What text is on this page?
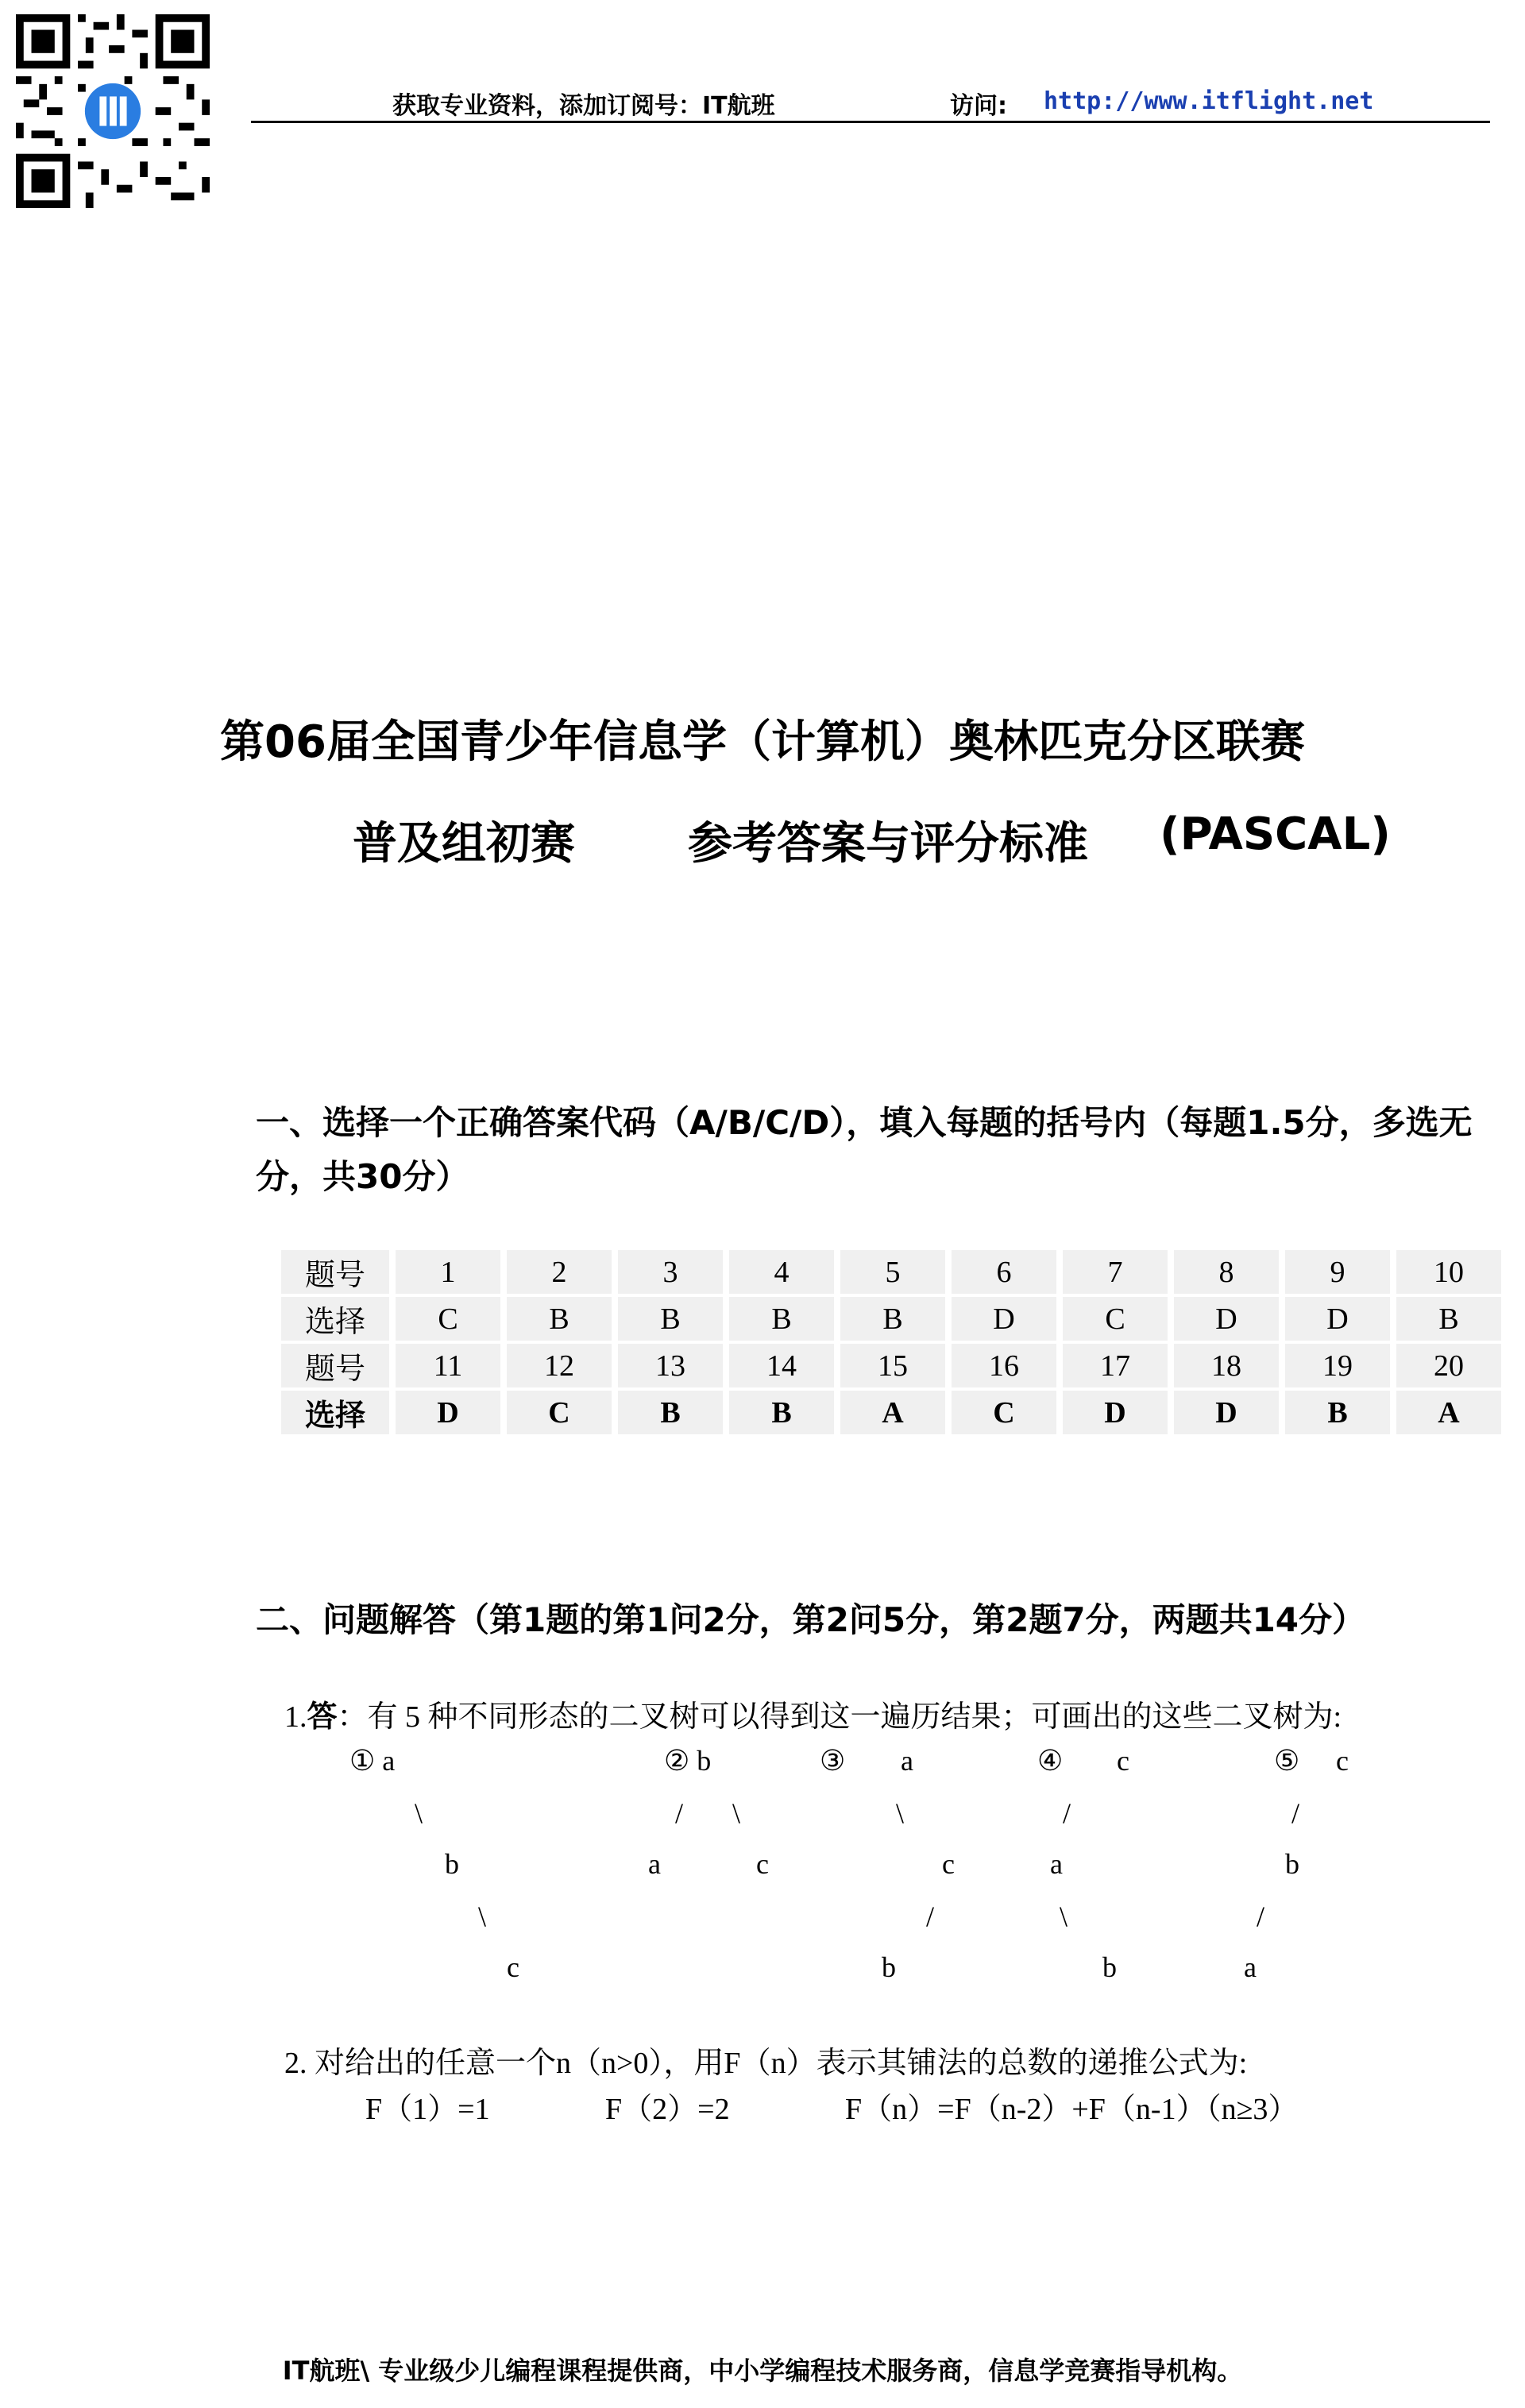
获取专业资料，添加订阅号：IT航班	访问: http://www.itflight.net
第06届全国青少年信息学（计算机）奥林匹克分区联赛
普及组初赛	参考答案与评分标准 (PASCAL)
一、选择一个正确答案代码（A/B/C/D），填入每题的括号内（每题1.5分，多选无分，共30分）
题号	1	2	3	4	5	6	7	8	9	10
选择	C	B	B	B	B	D	C	D	D	B
题号	11	12	13	14	15	16	17	18	19	20
选择	D	C	B	B	A	C	D	D	B	A
二、问题解答（第1题的第1问2分，第2问5分，第2题7分，两题共14分）
1.答：有 5 种不同形态的二叉树可以得到这一遍历结果；可画出的这些二叉树为:
① a	② b	③ a	④ c	⑤ c
\	/ \	\	/	/
b	a	c	c	a	b
\	/	\	/
c	b	b	a
2. 对给出的任意一个n（n>0），用F（n）表示其铺法的总数的递推公式为:
F（1）=1	F（2）=2	F（n）=F（n-2）+F（n-1）（n≥3）
IT航班\ 专业级少儿编程课程提供商，中小学编程技术服务商，信息学竞赛指导机构。
